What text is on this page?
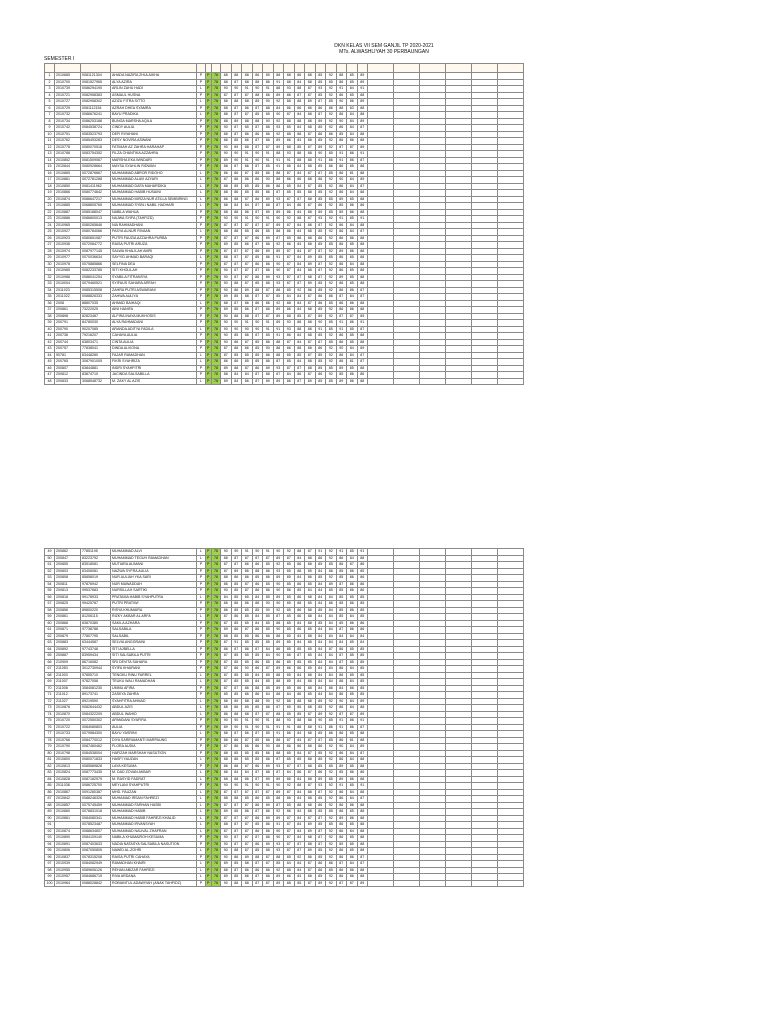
DKN KELAS VII SEM GANJIL TP 2020-2021
MTs. ALWASHLIYAH 30 PERBAUNGAN
SEMESTER I

1	2010665	0081121304	AHADA NAZIRA ZHULAIKHA	P	P	78	88	88	88	86	89	88	88	86	88	85	92	88	85	89						
2	2010700	0081527965	ALYA AZIRA	P	P	78	88	87	88	88	86	91	88	84	88	85	85	86	85	89						
3	2010739	0086294190	ARLIN ZAHU HADI	L	P	78	90	90	91	90	91	88	93	88	87	93	92	91	84	91						
4	2010721	0082958383	ASMAUL HUSNA	P	P	78	87	87	87	88	86	89	86	87	87	85	92	86	85	88						
5	2010727	0082958302	AZIZU FITRA SITTO	L	P	78	88	88	88	85	90	92	88	88	89	87	85	90	86	89						
6	2010729	0081112154	AZRAH DHEA SYAMRA	P	P	78	88	87	86	87	88	84	86	86	86	86	86	88	83	88						
7	2010732	0086676241	BAYU PRADIKA	L	P	78	88	87	87	85	85	90	87	84	88	87	92	86	84	88						
8	2010734	0086253188	BUNGA MARSHA AQILA	P	P	78	88	89	88	88	90	92	88	88	88	89	92	90	84	89						
9	2010742	0084538724	CINDY AULIA	P	P	78	90	87	85	87	86	93	85	84	88	85	92	86	84	87						
10	2010751	0083523793	DEFI RIYAHANI	P	P	78	88	87	86	86	86	92	88	88	87	86	86	85	84	88						
11	2010762	0085493283	DESY NOVIRA ASWANI	P	P	78	88	85	86	87	86	89	86	84	88	85	92	86	86	88						
12	2010778	0080070518	FATIMAH AZ ZAHRA HARAHAP	P	P	78	90	89	88	87	87	89	88	85	87	89	92	87	87	89						
13	2010788	0083754352	FILZA CHANTIKA AZZAHRA	P	P	78	90	90	91	90	91	88	93	88	88	90	85	91	86	91						
14	2010852	0081509067	MARSHA EKA WINDARI	P	P	78	89	90	91	90	91	91	91	88	88	91	86	91	86	87						
15	2010844	0080928664	MAYSA SYAHLIN RIDWAN	P	P	78	88	87	86	87	85	91	86	84	88	85	86	86	85	88						
16	2010865	0072876667	MUHAMMAD ABROR RIDOHO	L	P	78	86	86	87	85	86	88	87	84	87	87	85	86	81	88						
17	2010861	0072781288	MUHAMMAD ALAVI AZYARI	L	P	78	87	86	86	86	90	88	86	86	88	86	92	90	84	89						
18	2010850	0081411962	MUHAMMAD DAFA MAHARDIKA	L	P	78	88	85	85	85	86	88	85	84	87	85	92	86	84	87						
19	2010866	0080774642	MUHAMMAD HABIB HUSAINI	L	P	78	88	86	85	85	86	87	85	85	88	85	92	86	84	88						
20	2010874	0086647217	MUHAMMAD MIRZA NUR ATILLA SEMBIRING	L	P	78	86	88	87	86	89	93	87	87	88	85	85	89	85	88						
21	2010885	0068805765	MUHAMMAD SYIBLI NABIL HADHARI	L	P	78	88	84	84	87	88	87	84	86	87	86	92	85	86	86						
22	2010887	0085188047	NABILA WAHUA	P	P	78	88	88	86	87	89	89	86	84	88	89	85	89	86	88						
23	2010886	0086800013	NAJWA SYIFA (TAHFIZD)	P	P	78	90	90	91	90	91	90	92	88	87	93	92	91	85	91						
24	2010965	0080265846	NIA RAHMADHANI	P	P	78	87	87	87	87	87	89	87	84	88	87	92	86	84	88						
25	2010927	0080784066	PASYA ALNUR RIVAAN	L	P	78	88	88	85	86	85	88	86	84	88	85	92	86	84	87						
26	2010923	0080651087	PUTRI FAUZIA AZZAHRA PURBA	P	P	78	87	87	87	86	89	87	85	88	88	86	92	86	86	88						
27	2010936	0072084772	RAISA PUTRI ARUZA	P	P	78	89	85	86	87	86	92	86	84	88	85	85	86	85	88						
28	2010974	0087977145	SALWA KHALILAH AMRI	P	P	78	87	87	87	86	89	89	87	84	87	87	92	89	86	88						
29	2010977	0070036634	SAYYID AHMAD BARAQI	L	P	78	88	87	87	85	86	91	87	84	89	85	85	86	85	88						
30	2010978	0075885866	SELFINA DEA	P	P	78	87	87	87	86	86	90	87	84	89	87	92	86	84	88						
31	2010985	0082233785	SITI KHOLILAH	P	P	78	90	87	87	87	86	90	87	84	88	87	92	86	85	88						
32	2010986	0088041254	SYABILA FITRANSYA	P	P	78	90	87	87	86	89	93	87	87	88	87	92	89	85	88						
33	2010004	0079460521	SYIFAUS SAHARA ARFAH	P	P	78	90	88	87	85	88	93	87	87	89	85	92	86	85	88						
34	2011023	0085315508	ZAHRA PUTRI ASWARANI	P	P	78	90	86	89	88	87	88	85	92	86	85	92	86	86	87						
35	2011022	0088826333	ZAHWA AULIYA	P	P	78	89	85	88	87	87	85	84	84	87	86	86	87	84	87						
36	2008	88807035	AHMAD BAIHAQI	L	P	78	88	87	86	86	86	92	88	84	87	86	85	86	86	88						
37	200861	73222025	AINI HANIFA	P	P	78	89	85	86	87	86	89	86	84	88	85	92	86	86	88						
38	200898	82823487	ALFIRA INAYA MUKHOSIS	P	P	78	90	88	88	87	87	89	88	85	87	89	92	87	87	89						
39	200791	84780030	ALYA RAHMADANI	P	P	78	90	90	91	90	91	89	93	88	88	90	85	91	86	91						
40	200790	90207085	ARANDA ADITYA FADILA	L	P	78	90	90	90	90	91	91	93	88	88	91	85	91	85	87						
41	200736	79216207	CAHAYA AULIA	P	P	78	90	85	86	87	85	91	86	84	88	85	92	86	85	88						
42	200744	63803471	CINTA AULIA	P	P	78	90	86	87	85	86	88	87	84	87	87	85	86	85	88						
43	200757	77838041	DINDA ALVIONA	P	P	78	87	88	86	85	90	88	86	88	88	86	92	90	84	89						
44	90781	63448280	FAJAR RAMADHAN	L	P	78	87	85	85	85	86	88	85	85	87	85	92	86	84	87						
45	200765	3087901005	FIKRI SYAHRIZA	L	P	78	86	86	85	85	86	87	85	84	88	85	92	86	81	87						
46	200807	63844881	INDRI SYAHFITRI	P	P	78	89	88	87	86	89	93	87	87	88	85	85	89	85	88						
47	200812	83874710	JACINDA SALSABILLA	P	P	78	88	84	84	87	88	87	84	86	87	86	92	85	86	86						
48	200833	3068548732	M. ZAKY AL AZIS	L	P	78	89	84	86	87	89	89	86	87	89	85	85	89	86	88						
49	200862	77851195	MUHAMMAD ALVI	L	P	78	90	90	91	90	91	90	92	88	87	91	92	91	85	91						
50	200847	83223792	MUHAMMAD TEGUH RAMADHAN	L	P	78	88	87	87	87	87	89	87	84	88	86	92	86	84	88						
51	200855	83518081	MUTIARA ALIMANI	P	P	78	87	87	86	86	85	92	85	86	88	85	85	86	87	86						
52	200803	63406081	NAZWA SYFRA AULIA	P	P	78	87	89	86	88	86	93	85	88	85	84	86	85	86	85						
53	200808	85858019	NUR AULIAH YKA SARI	P	P	78	88	86	86	85	86	89	85	84	86	85	92	85	86	86						
54	200811	97876942	NUR MAWADDAH	P	P	78	86	85	87	86	85	90	85	86	85	84	89	87	86	86						
55	200813	99537683	NURSILLAH SARTIKI	P	P	78	90	85	87	86	86	90	86	85	84	84	85	85	86	86						
56	200818	99178933	PRATAMA HABIB SYAHPUTRA	L	P	78	84	85	85	84	85	89	85	86	88	84	84	85	85	85						
57	200825	99425787	PUTRI PRATIWI	P	P	78	86	86	86	88	90	90	85	88	85	84	86	85	86	85						
58	200856	89800220	RISYA KHUMAIRA	P	P	78	86	85	85	85	90	92	85	86	88	85	84	85	86	85						
59	200861	81206115	RIZKY AKBAR AL ARFA	L	P	78	87	86	85	84	85	87	85	86	88	84	84	85	84	85						
60	200868	83870380	SAKILA AZHARA	P	P	78	87	85	85	84	85	88	85	84	88	85	84	85	86	86						
61	200871	97738788	SALSABILA	P	P	78	89	86	87	86	85	90	85	86	85	84	84	87	86	86						
62	200879	77807795	SALSABIL	P	P	78	88	85	85	86	86	88	85	84	88	84	84	84	84	84						
63	200883	63444587	SELVIA ANGGRAINI	P	P	78	87	91	85	85	85	89	85	84	88	84	84	84	85	84						
64	200892	97743748	SITI AJBELLA	P	P	78	86	87	86	87	84	86	85	85	85	84	87	86	85	85						
65	200887	83959434	SITI SALSABILA PUTRI	P	P	78	87	85	85	85	84	90	86	87	85	84	84	87	85	85						
66	210909	86716082	SRI DEVITA SAHARA	P	P	78	87	85	85	86	85	86	85	85	85	84	84	87	85	85						
67	211053	3012730944	SYIFA KHAIRANI	P	P	78	87	86	90	86	87	89	86	86	85	84	84	86	84	85						
68	211003	97855710	TENGKU RINU FARREL	L	P	78	87	85	85	84	85	88	85	84	88	84	84	88	85	85						
69	211007	97827058	TEUKU WALI RAMADHAN	L	P	78	87	85	85	84	85	88	85	84	88	84	84	88	84	85						
70	211008	3084081230	UMMU AFIRA	P	P	78	87	87	86	88	85	89	85	86	88	84	86	84	86	85						
71	211012	89173741	ZASKYA ZAHRA	P	P	78	85	85	86	86	84	88	84	86	85	84	84	86	85	85						
72	211027	89219590	SYAHFITRA AHMAD	L	P	78	88	89	88	88	90	92	88	88	88	89	92	90	84	89						
73	2010876	0082644432	ABDUL AZIS	L	P	78	88	86	85	85	86	87	85	85	88	85	92	86	84	88						
74	2010870	0084322209	ABDUL WAHID	L	P	78	86	88	88	87	87	88	85	85	87	89	92	87	87	89						
75	2010720	0072550302	APANDANI SYAFIRA	P	P	78	90	90	91	90	91	88	93	88	88	90	85	91	86	91						
76	2010722	0084080803	AULIA	P	P	78	89	90	91	90	91	91	91	88	88	91	86	91	86	87						
77	2010733	0079584300	BAYU YASRINI	L	P	78	88	87	86	87	85	91	86	84	88	85	86	86	85	88						
78	2010766	0084770012	DIYA SARIRAMANTI MARPAUNG	P	P	78	86	86	87	85	86	88	87	84	87	87	85	86	81	88						
79	2010790	0087460462	FLORA AUDIA	P	P	78	87	86	86	86	90	88	86	86	88	86	92	90	84	89						
80	2010798	0084538004	HAFIZAH MARSHAH NASUTION	P	P	78	88	85	85	85	86	88	85	84	87	85	92	86	84	87						
81	2010800	0080071833	HASFI YAUZAN	L	P	78	88	86	85	85	86	87	85	85	88	85	92	86	84	88						
82	2010813	0085589828	LAYA KESUMA	P	P	78	86	88	87	86	89	93	87	87	88	85	85	89	85	88						
83	2010824	0087773435	M. DAD ZOVAN AKBAR	L	P	78	88	84	84	87	88	87	84	86	87	86	92	85	86	86						
84	2010828	0087182979	M. RASYID FADRAT	L	P	78	88	88	86	87	89	89	86	84	88	89	85	89	86	88						
85	2011038	0086725700	MEYLANI SYAHPUTRI	P	P	78	90	90	91	90	91	90	92	88	87	93	92	91	85	91						
86	2010867	0091280387	MHD. FAUZAN	L	P	78	87	87	87	87	87	89	87	84	88	87	92	86	84	88						
87	2010842	0088246326	MUHAMAD IRSAN FAHREZI	L	P	78	88	88	85	86	85	88	86	84	88	85	92	86	84	87						
88	2010857	0075745459	MUHAMMAD FARHAN HASBI	L	P	78	87	87	87	86	89	87	85	88	88	86	92	86	86	88						
89	2010860	0076831018	MUHAMMAD HABIB	L	P	78	89	85	86	87	86	92	86	84	88	85	85	86	85	88						
90	2010861	0084080341	MUHAMMAD HABIB FAHREZI KHALID	L	P	78	87	87	87	86	89	89	87	84	87	87	92	89	86	88						
91		0078523487	MUHAMMAD IRVANSYAH	L	P	78	88	87	87	85	86	91	87	84	89	85	85	86	85	88						
92	2010874	0088634607	MUHAMMAD NAUVAL ZHAFRAN	L	P	78	87	87	87	86	86	90	87	84	89	87	92	86	84	88						
93	2010890	0084109140	NABILA KHUMAIROH KESUMA	P	P	78	90	87	87	87	86	90	87	84	88	87	92	86	85	88						
94	2010891	0087403633	NADIA NATASYA SALSABILA NASUTION	P	P	78	90	87	87	86	89	93	87	87	88	87	92	89	85	88						
95	2010806	0087050805	NAWID AL-ZOHRI	L	P	78	90	88	87	85	88	93	87	87	89	85	92	86	85	88						
96	2010837	0078315208	RAISA PUTRI CAHAYA	P	P	78	90	86	89	88	87	88	85	92	86	85	92	86	86	87						
97	2010939	0084082949	RAMADHAN KHAIRI	L	P	78	89	85	88	87	87	85	84	84	87	86	86	87	84	87						
98	2010955	0089606126	REHAN ABIZAR FAHREZI	L	P	78	88	87	86	86	86	92	88	84	87	86	85	86	86	88						
99	2010957	0084686715	RIVA ARDANA	L	P	78	89	85	86	87	86	89	86	84	88	85	92	86	86	88						
100	2010964	0088028842	ROBIANTUL ADAWIYAH (ANAK TAHFIDZ)	P	P	78	90	88	88	87	87	89	88	85	87	89	92	87	87	89						
